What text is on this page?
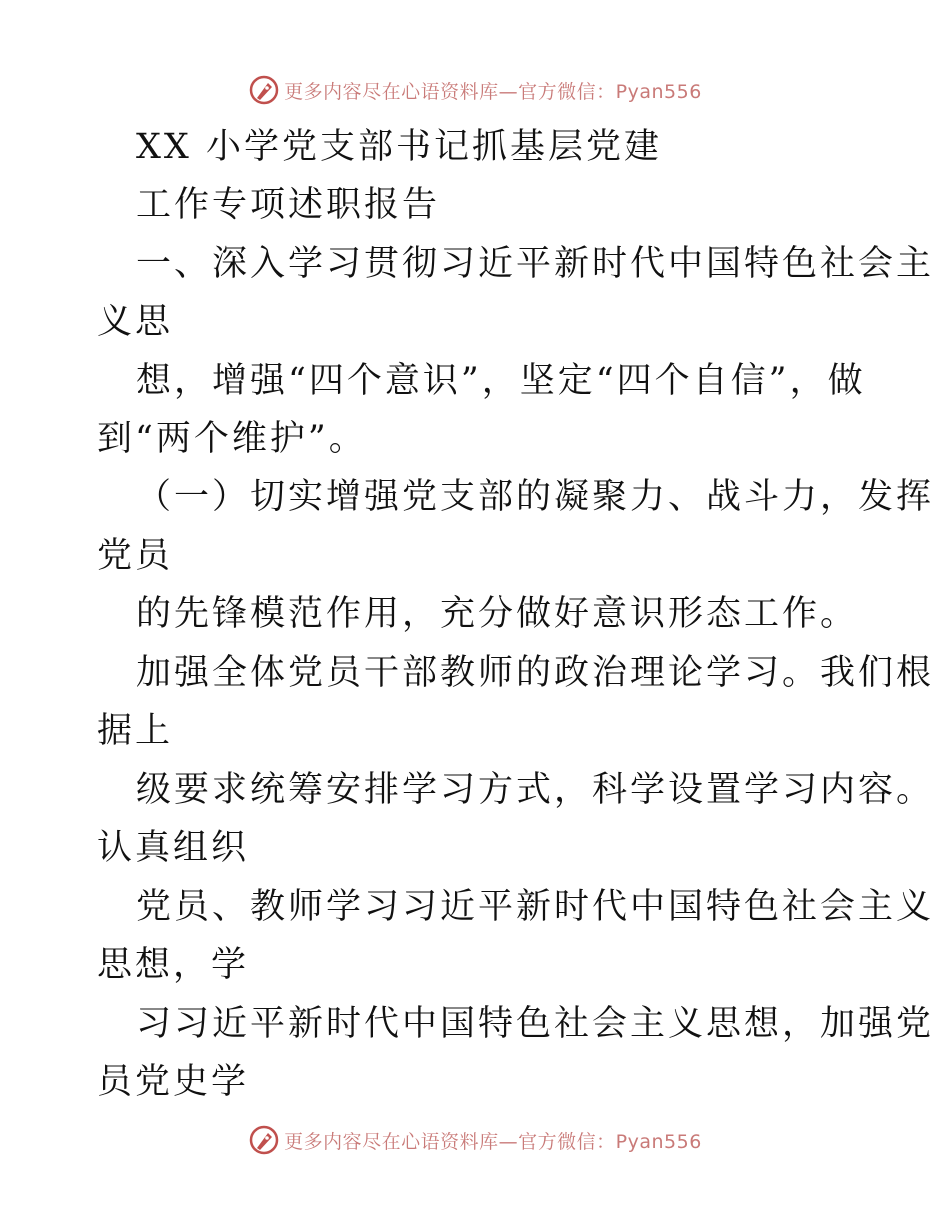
更多内容尽在心语资料库—官方微信：Pyan556
XX 小学党支部书记抓基层党建
工作专项述职报告
一、深入学习贯彻习近平新时代中国特色社会主
义思
想，增强“四个意识”，坚定“四个自信”，做
到“两个维护”。
（一）切实增强党支部的凝聚力、战斗力，发挥
党员
的先锋模范作用，充分做好意识形态工作。
加强全体党员干部教师的政治理论学习。我们根
据上
级要求统筹安排学习方式，科学设置学习内容。
认真组织
党员、教师学习习近平新时代中国特色社会主义
思想，学
习习近平新时代中国特色社会主义思想，加强党
员党史学
更多内容尽在心语资料库—官方微信：Pyan556
